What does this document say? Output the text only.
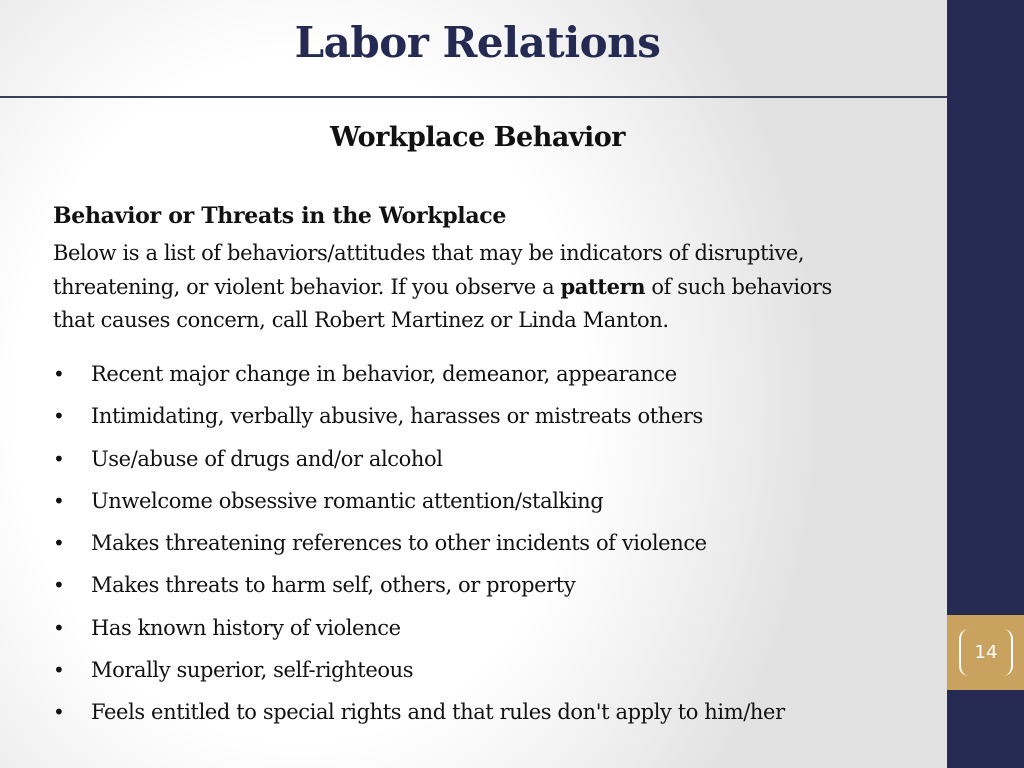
Labor Relations
Workplace Behavior
Behavior or Threats in the Workplace

Below is a list of behaviors/attitudes that may be indicators of disruptive,
threatening, or violent behavior. If you observe a pattern of such behaviors
that causes concern, call Robert Martinez or Linda Manton.

• Recent major change in behavior, demeanor, appearance
• Intimidating, verbally abusive, harasses or mistreats others
• Use/abuse of drugs and/or alcohol
• Unwelcome obsessive romantic attention/stalking
• Makes threatening references to other incidents of violence
• Makes threats to harm self, others, or property
• Has known history of violence
• Morally superior, self-righteous
• Feels entitled to special rights and that rules don't apply to him/her
14
